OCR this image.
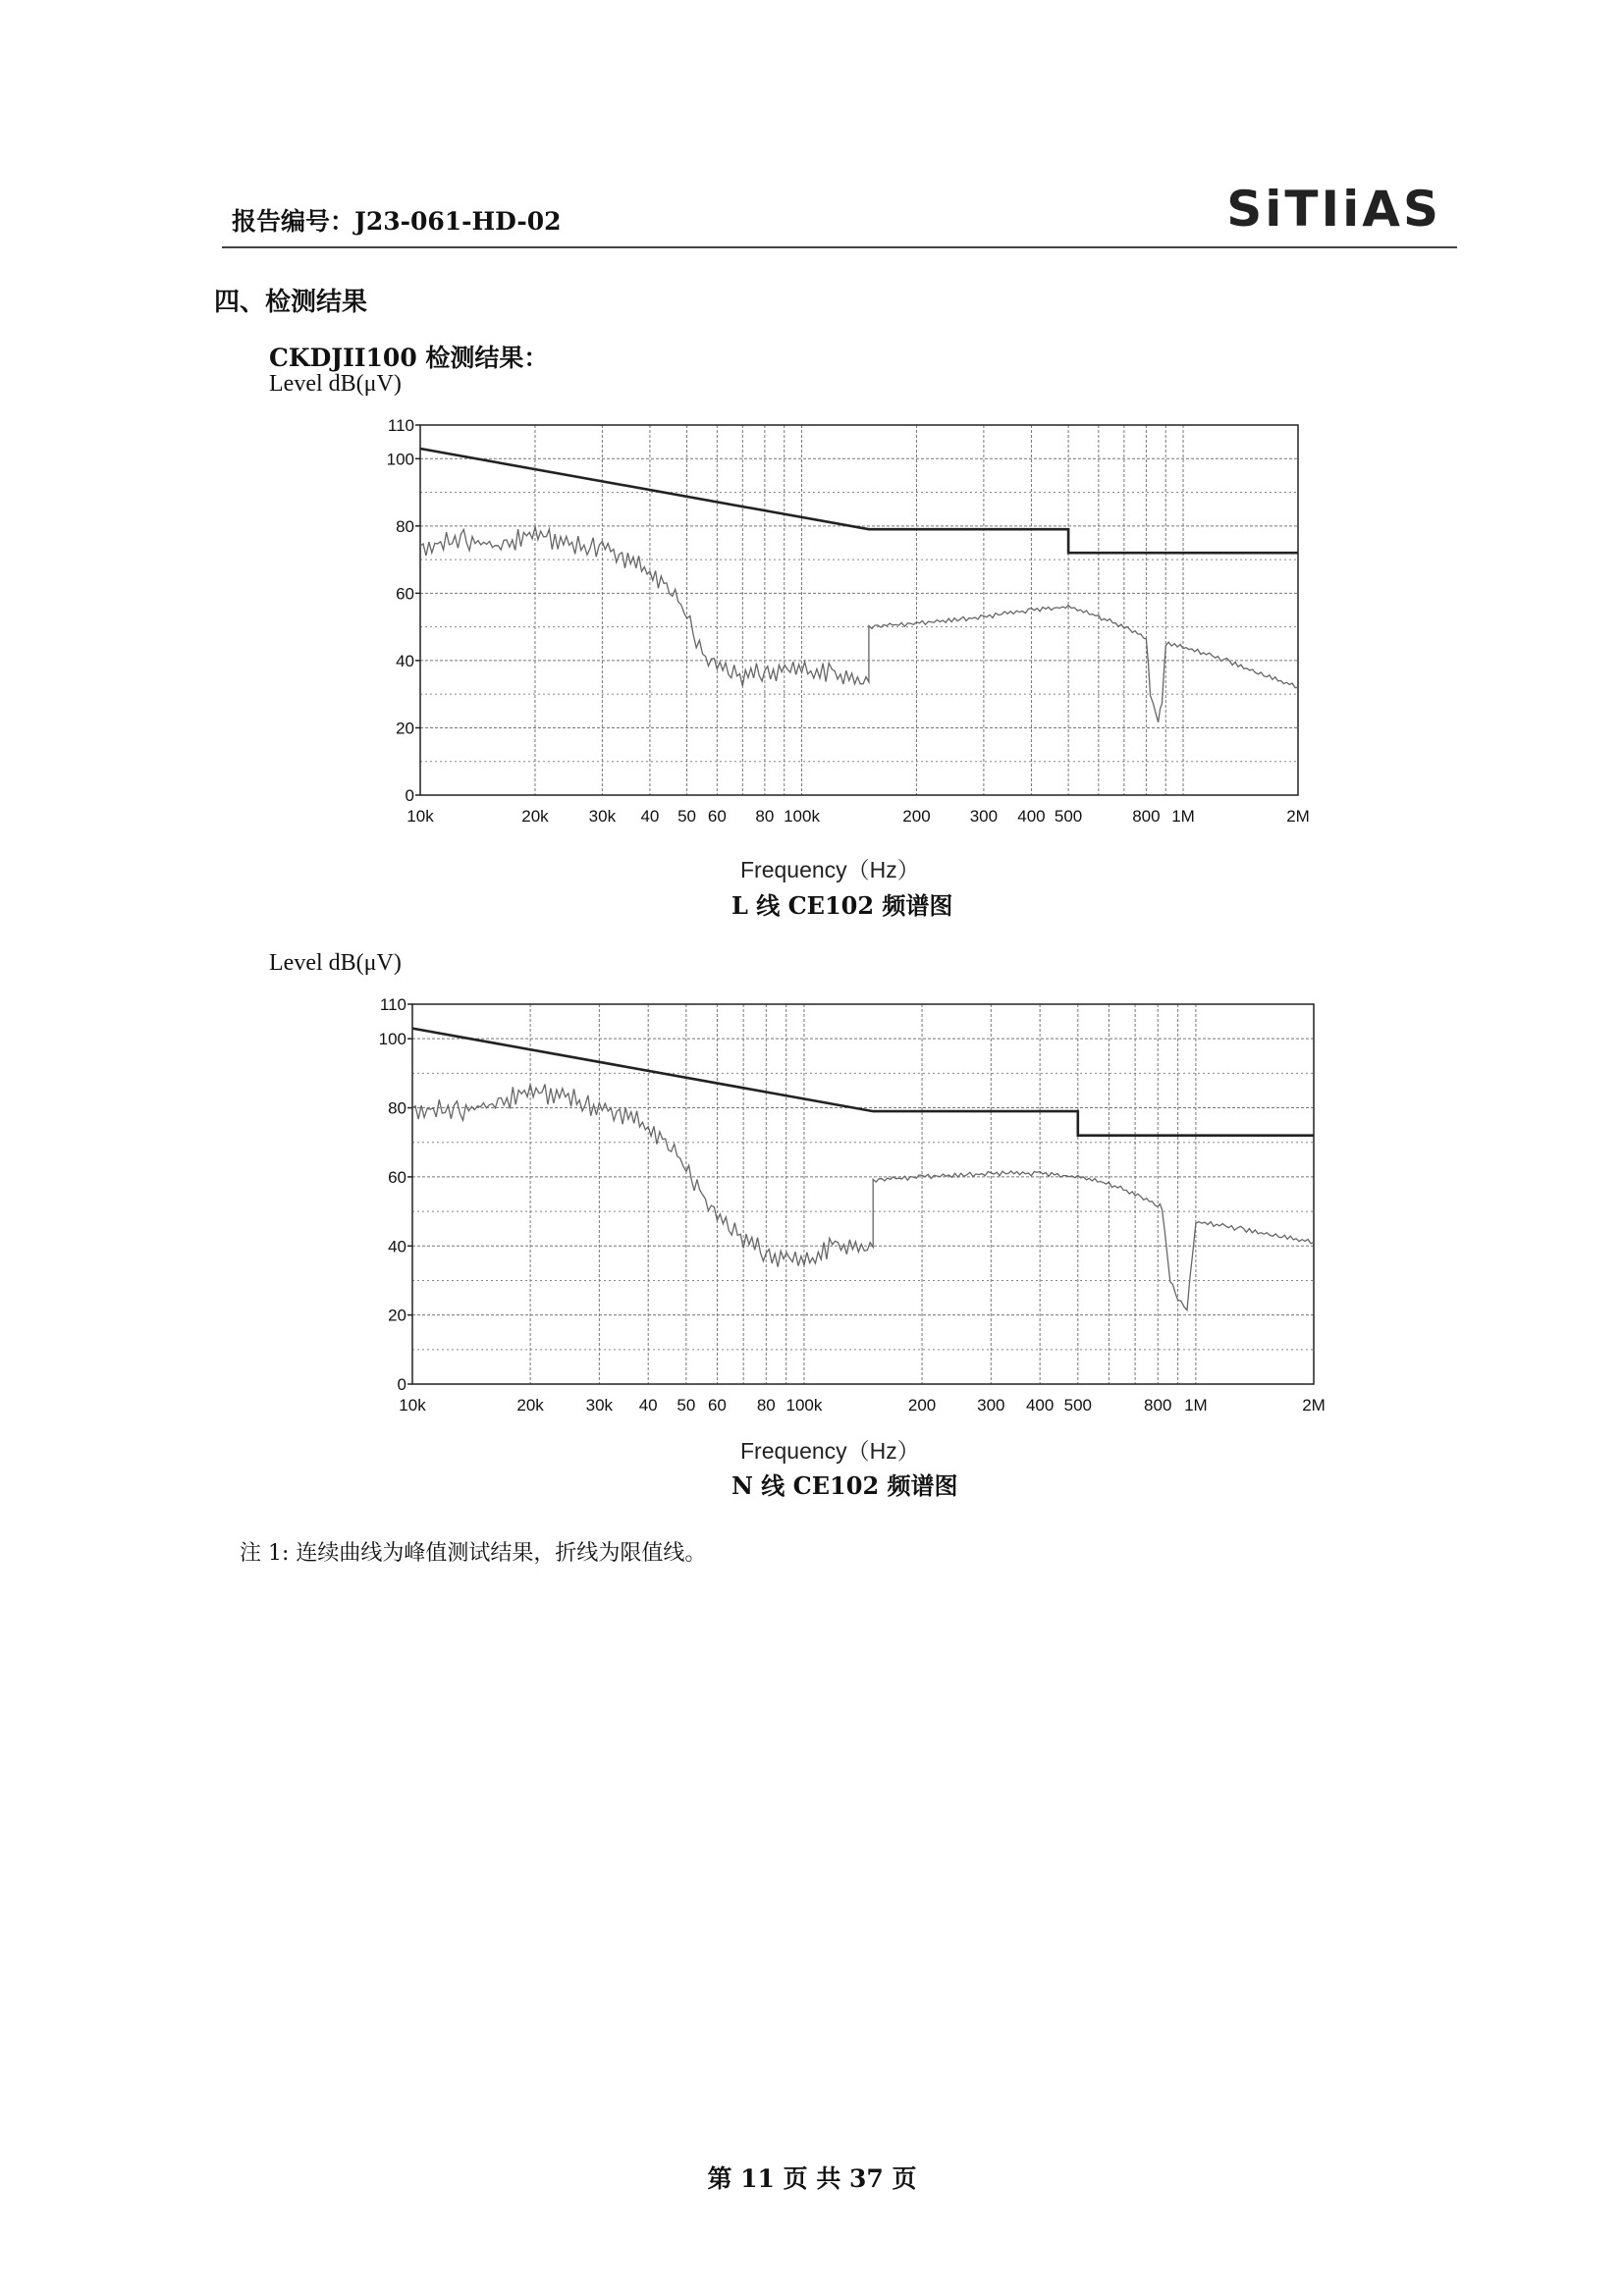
报告编号：J23-061-HD-02	SiTIiAS
四、检测结果
CKDJII100 检测结果：
Level dB(μV)
0
20
40
60
80
100
110
10k	20k 30k 40 50 60 80 100k	200 300 400 500	800 1M	2M
Frequency（Hz）
L 线 CE102 频谱图
Level dB(μV)
0
20
40
60
80
100
110
10k	20k	30k 40 50 60 80 100k	200 300 400 500	800 1M	2M
Frequency（Hz）
N 线 CE102 频谱图
注 1: 连续曲线为峰值测试结果，折线为限值线。
第 11 页 共 37 页
